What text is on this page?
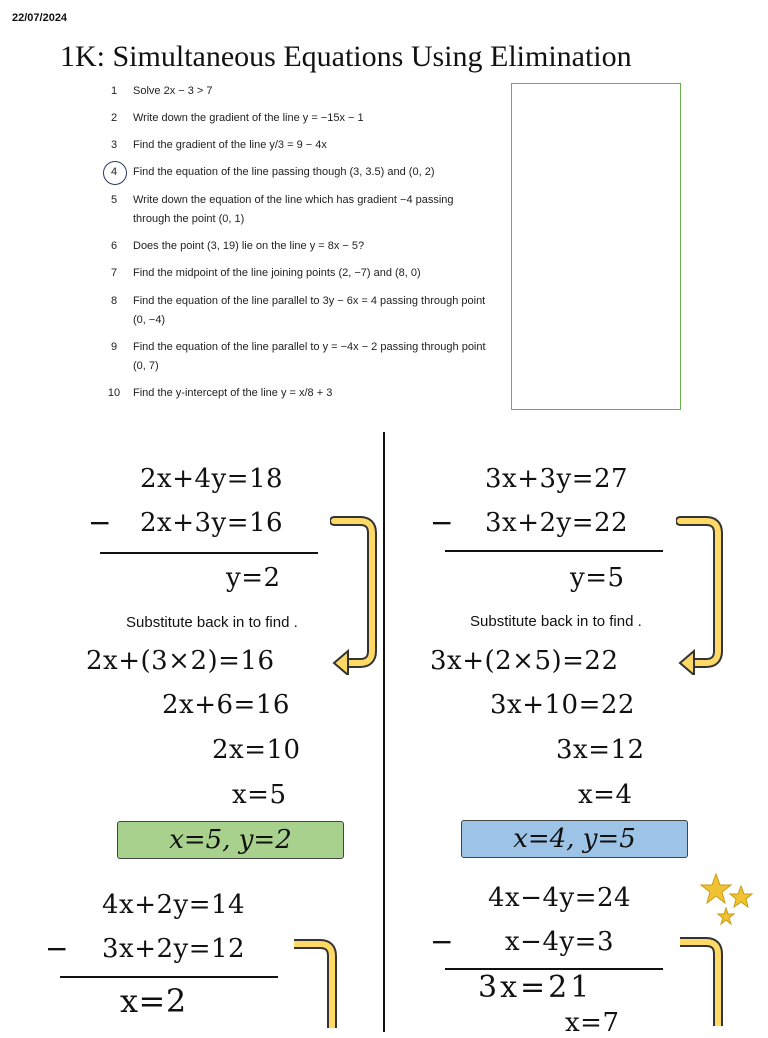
22/07/2024
1K: Simultaneous Equations Using Elimination
1	Solve 2x − 3 > 7
2	Write down the gradient of the line y = −15x − 1
3	Find the gradient of the line y/3 = 9 − 4x
4	Find the equation of the line passing though (3, 3.5) and (0, 2)
5	Write down the equation of the line which has gradient −4 passing through the point (0, 1)
6	Does the point (3, 19) lie on the line y = 8x − 5?
7	Find the midpoint of the line joining points (2, −7) and (8, 0)
8	Find the equation of the line parallel to 3y − 6x = 4 passing through point (0, −4)
9	Find the equation of the line parallel to y = −4x − 2 passing through point (0, 7)
10	Find the y-intercept of the line y = x/8 + 3
2x+4y=18
− 2x+3y=16
y=2
Substitute back in to find .
2x+(3×2)=16
2x+6=16
2x=10
x=5
x=5, y=2
3x+3y=27
− 3x+2y=22
y=5
Substitute back in to find .
3x+(2×5)=22
3x+10=22
3x=12
x=4
x=4, y=5
4x+2y=14
− 3x+2y=12
x=2
4x−4y=24
− x−4y=3
3x=21
x=7
